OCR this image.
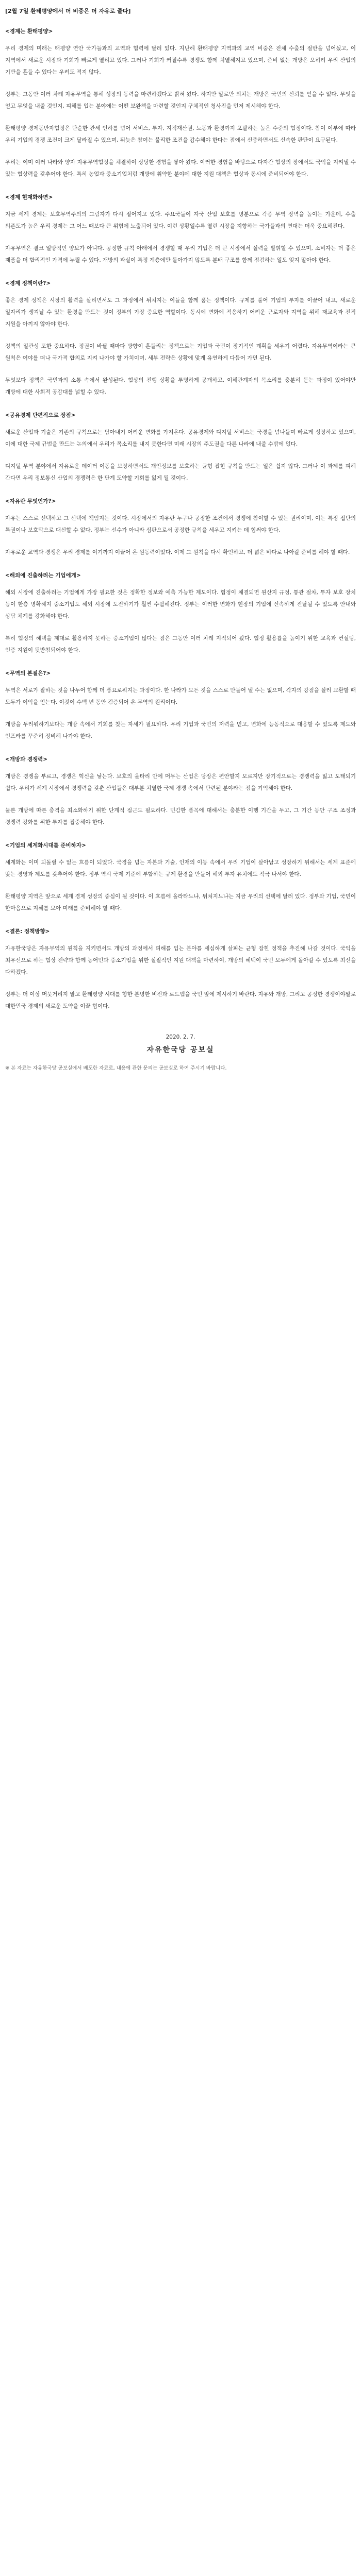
[2월 7일 환태평양에서 더 비중은 더 자유로 줄다]
<경제는 환태평양>

우리 경제의 미래는 태평양 연안 국가들과의 교역과 협력에 달려 있다. 지난해 환태평양 지역과의 교역 비중은 전체 수출의 절반을 넘어섰고, 이 지역에서 새로운 시장과 기회가 빠르게 열리고 있다. 그러나 기회가 커질수록 경쟁도 함께 치열해지고 있으며, 준비 없는 개방은 오히려 우리 산업의 기반을 흔들 수 있다는 우려도 적지 않다.

정부는 그동안 여러 차례 자유무역을 통해 성장의 동력을 마련하겠다고 밝혀 왔다. 하지만 말로만 외치는 개방은 국민의 신뢰를 얻을 수 없다. 무엇을 얻고 무엇을 내줄 것인지, 피해를 입는 분야에는 어떤 보완책을 마련할 것인지 구체적인 청사진을 먼저 제시해야 한다.

환태평양 경제동반자협정은 단순한 관세 인하를 넘어 서비스, 투자, 지적재산권, 노동과 환경까지 포괄하는 높은 수준의 협정이다. 참여 여부에 따라 우리 기업의 경쟁 조건이 크게 달라질 수 있으며, 뒤늦은 참여는 불리한 조건을 감수해야 한다는 점에서 신중하면서도 신속한 판단이 요구된다.

우리는 이미 여러 나라와 양자 자유무역협정을 체결하여 상당한 경험을 쌓아 왔다. 이러한 경험을 바탕으로 다자간 협상의 장에서도 국익을 지켜낼 수 있는 협상력을 갖추어야 한다. 특히 농업과 중소기업처럼 개방에 취약한 분야에 대한 지원 대책은 협상과 동시에 준비되어야 한다.

<경제 현재화하면>

지금 세계 경제는 보호무역주의의 그림자가 다시 짙어지고 있다. 주요국들이 자국 산업 보호를 명분으로 각종 무역 장벽을 높이는 가운데, 수출 의존도가 높은 우리 경제는 그 어느 때보다 큰 위험에 노출되어 있다. 이런 상황일수록 열린 시장을 지향하는 국가들과의 연대는 더욱 중요해진다.

자유무역은 결코 일방적인 양보가 아니다. 공정한 규칙 아래에서 경쟁할 때 우리 기업은 더 큰 시장에서 실력을 발휘할 수 있으며, 소비자는 더 좋은 제품을 더 합리적인 가격에 누릴 수 있다. 개방의 과실이 특정 계층에만 돌아가지 않도록 분배 구조를 함께 점검하는 일도 잊지 말아야 한다.

<경제 정책이란?>

좋은 경제 정책은 시장의 활력을 살리면서도 그 과정에서 뒤처지는 이들을 함께 품는 정책이다. 규제를 풀어 기업의 투자를 이끌어 내고, 새로운 일자리가 생겨날 수 있는 환경을 만드는 것이 정부의 가장 중요한 역할이다. 동시에 변화에 적응하기 어려운 근로자와 지역을 위해 재교육과 전직 지원을 아끼지 않아야 한다.

정책의 일관성 또한 중요하다. 정권이 바뀔 때마다 방향이 흔들리는 정책으로는 기업과 국민이 장기적인 계획을 세우기 어렵다. 자유무역이라는 큰 원칙은 여야를 떠나 국가적 합의로 지켜 나가야 할 가치이며, 세부 전략은 상황에 맞게 유연하게 다듬어 가면 된다.

무엇보다 정책은 국민과의 소통 속에서 완성된다. 협상의 진행 상황을 투명하게 공개하고, 이해관계자의 목소리를 충분히 듣는 과정이 있어야만 개방에 대한 사회적 공감대를 넓힐 수 있다.

<공유경제 단편적으로 장점>

새로운 산업과 기술은 기존의 규칙으로는 담아내기 어려운 변화를 가져온다. 공유경제와 디지털 서비스는 국경을 넘나들며 빠르게 성장하고 있으며, 이에 대한 국제 규범을 만드는 논의에서 우리가 목소리를 내지 못한다면 미래 시장의 주도권을 다른 나라에 내줄 수밖에 없다.

디지털 무역 분야에서 자유로운 데이터 이동을 보장하면서도 개인정보를 보호하는 균형 잡힌 규칙을 만드는 일은 쉽지 않다. 그러나 이 과제를 피해 간다면 우리 정보통신 산업의 경쟁력은 한 단계 도약할 기회를 잃게 될 것이다.

<자유란 무엇인가?>

자유는 스스로 선택하고 그 선택에 책임지는 것이다. 시장에서의 자유란 누구나 공정한 조건에서 경쟁에 참여할 수 있는 권리이며, 이는 특정 집단의 특권이나 보호막으로 대신할 수 없다. 정부는 선수가 아니라 심판으로서 공정한 규칙을 세우고 지키는 데 힘써야 한다.

자유로운 교역과 경쟁은 우리 경제를 여기까지 이끌어 온 원동력이었다. 이제 그 원칙을 다시 확인하고, 더 넓은 바다로 나아갈 준비를 해야 할 때다.

<해외에 진출하려는 기업에게>

해외 시장에 진출하려는 기업에게 가장 필요한 것은 정확한 정보와 예측 가능한 제도이다. 협정이 체결되면 원산지 규정, 통관 절차, 투자 보호 장치 등이 한층 명확해져 중소기업도 해외 시장에 도전하기가 훨씬 수월해진다. 정부는 이러한 변화가 현장의 기업에 신속하게 전달될 수 있도록 안내와 상담 체계를 강화해야 한다.

특히 협정의 혜택을 제대로 활용하지 못하는 중소기업이 많다는 점은 그동안 여러 차례 지적되어 왔다. 협정 활용률을 높이기 위한 교육과 컨설팅, 인증 지원이 뒷받침되어야 한다.

<무역의 본질은?>

무역은 서로가 잘하는 것을 나누어 함께 더 풍요로워지는 과정이다. 한 나라가 모든 것을 스스로 만들어 낼 수는 없으며, 각자의 강점을 살려 교환할 때 모두가 이익을 얻는다. 이것이 수백 년 동안 검증되어 온 무역의 원리이다.

개방을 두려워하기보다는 개방 속에서 기회를 찾는 자세가 필요하다. 우리 기업과 국민의 저력을 믿고, 변화에 능동적으로 대응할 수 있도록 제도와 인프라를 꾸준히 정비해 나가야 한다.

<개방과 경쟁력>

개방은 경쟁을 부르고, 경쟁은 혁신을 낳는다. 보호의 울타리 안에 머무는 산업은 당장은 편안할지 모르지만 장기적으로는 경쟁력을 잃고 도태되기 쉽다. 우리가 세계 시장에서 경쟁력을 갖춘 산업들은 대부분 치열한 국제 경쟁 속에서 단련된 분야라는 점을 기억해야 한다.

물론 개방에 따른 충격을 최소화하기 위한 단계적 접근도 필요하다. 민감한 품목에 대해서는 충분한 이행 기간을 두고, 그 기간 동안 구조 조정과 경쟁력 강화를 위한 투자를 집중해야 한다.

<기업의 세계화시대를 준비하자>

세계화는 이미 되돌릴 수 없는 흐름이 되었다. 국경을 넘는 자본과 기술, 인재의 이동 속에서 우리 기업이 살아남고 성장하기 위해서는 세계 표준에 맞는 경영과 제도를 갖추어야 한다. 정부 역시 국제 기준에 부합하는 규제 환경을 만들어 해외 투자 유치에도 적극 나서야 한다.

환태평양 지역은 앞으로 세계 경제 성장의 중심이 될 것이다. 이 흐름에 올라타느냐, 뒤처지느냐는 지금 우리의 선택에 달려 있다. 정부와 기업, 국민이 한마음으로 지혜를 모아 미래를 준비해야 할 때다.

<결론: 정책방향>

자유한국당은 자유무역의 원칙을 지키면서도 개방의 과정에서 피해를 입는 분야를 세심하게 살피는 균형 잡힌 정책을 추진해 나갈 것이다. 국익을 최우선으로 하는 협상 전략과 함께 농어민과 중소기업을 위한 실질적인 지원 대책을 마련하여, 개방의 혜택이 국민 모두에게 돌아갈 수 있도록 최선을 다하겠다.

정부는 더 이상 머뭇거리지 말고 환태평양 시대를 향한 분명한 비전과 로드맵을 국민 앞에 제시하기 바란다. 자유와 개방, 그리고 공정한 경쟁이야말로 대한민국 경제의 새로운 도약을 이끌 힘이다.

2020. 2. 7.
자유한국당 공보실
※ 본 자료는 자유한국당 공보실에서 배포한 자료로, 내용에 관한 문의는 공보실로 하여 주시기 바랍니다.
